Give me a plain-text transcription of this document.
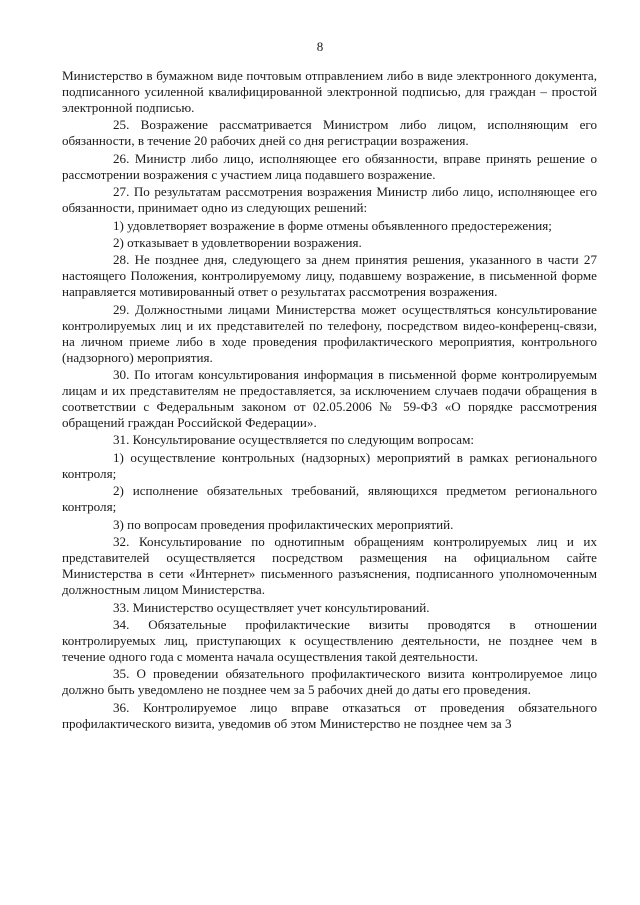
8

Министерство в бумажном виде почтовым отправлением либо в виде электронного документа, подписанного усиленной квалифицированной электронной подписью, для граждан – простой электронной подписью.

25. Возражение рассматривается Министром либо лицом, исполняющим его обязанности, в течение 20 рабочих дней со дня регистрации возражения.

26. Министр либо лицо, исполняющее его обязанности, вправе принять решение о рассмотрении возражения с участием лица подавшего возражение.

27. По результатам рассмотрения возражения Министр либо лицо, исполняющее его обязанности, принимает одно из следующих решений:

1) удовлетворяет возражение в форме отмены объявленного предостережения;

2) отказывает в удовлетворении возражения.

28. Не позднее дня, следующего за днем принятия решения, указанного в части 27 настоящего Положения, контролируемому лицу, подавшему возражение, в письменной форме направляется мотивированный ответ о результатах рассмотрения возражения.

29. Должностными лицами Министерства может осуществляться консультирование контролируемых лиц и их представителей по телефону, посредством видео-конференц-связи, на личном приеме либо в ходе проведения профилактического мероприятия, контрольного (надзорного) мероприятия.

30. По итогам консультирования информация в письменной форме контролируемым лицам и их представителям не предоставляется, за исключением случаев подачи обращения в соответствии с Федеральным законом от 02.05.2006 № 59-ФЗ «О порядке рассмотрения обращений граждан Российской Федерации».

31. Консультирование осуществляется по следующим вопросам:

1) осуществление контрольных (надзорных) мероприятий в рамках регионального контроля;

2) исполнение обязательных требований, являющихся предметом регионального контроля;

3) по вопросам проведения профилактических мероприятий.

32. Консультирование по однотипным обращениям контролируемых лиц и их представителей осуществляется посредством размещения на официальном сайте Министерства в сети «Интернет» письменного разъяснения, подписанного уполномоченным должностным лицом Министерства.

33. Министерство осуществляет учет консультирований.

34. Обязательные профилактические визиты проводятся в отношении контролируемых лиц, приступающих к осуществлению деятельности, не позднее чем в течение одного года с момента начала осуществления такой деятельности.

35. О проведении обязательного профилактического визита контролируемое лицо должно быть уведомлено не позднее чем за 5 рабочих дней до даты его проведения.

36. Контролируемое лицо вправе отказаться от проведения обязательного профилактического визита, уведомив об этом Министерство не позднее чем за 3
